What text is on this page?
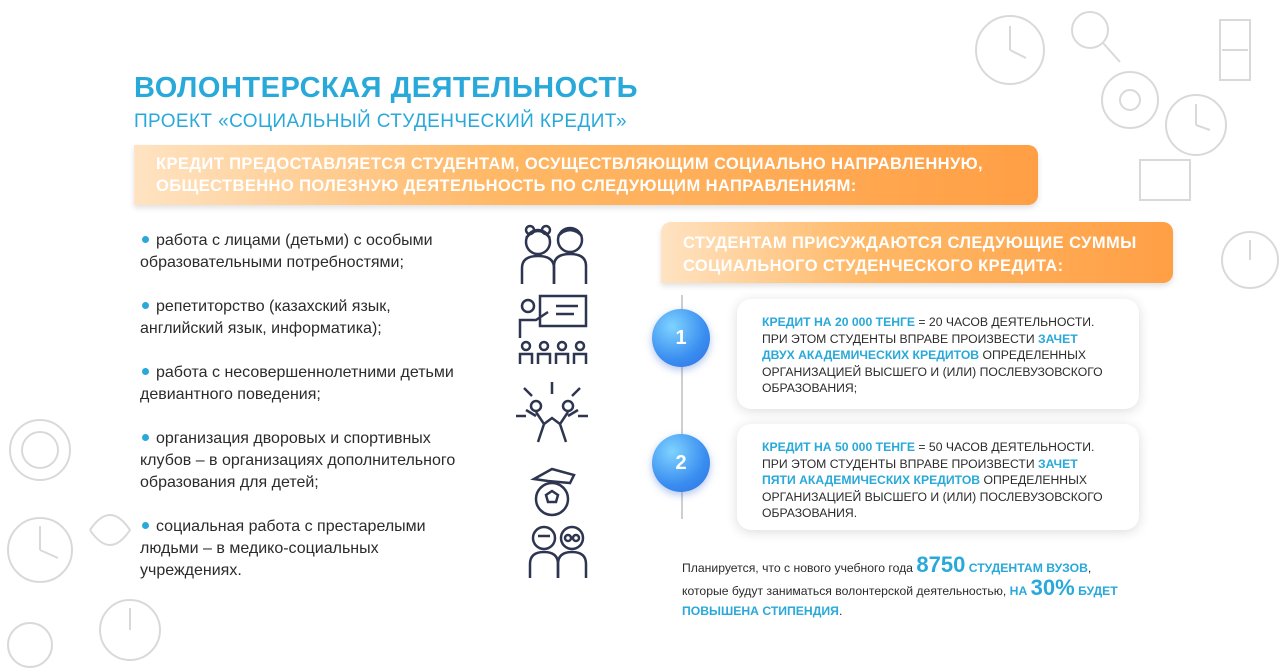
ВОЛОНТЕРСКАЯ ДЕЯТЕЛЬНОСТЬ
ПРОЕКТ «СОЦИАЛЬНЫЙ СТУДЕНЧЕСКИЙ КРЕДИТ»
КРЕДИТ ПРЕДОСТАВЛЯЕТСЯ СТУДЕНТАМ, ОСУЩЕСТВЛЯЮЩИМ СОЦИАЛЬНО НАПРАВЛЕННУЮ,
ОБЩЕСТВЕННО ПОЛЕЗНУЮ ДЕЯТЕЛЬНОСТЬ ПО СЛЕДУЮЩИМ НАПРАВЛЕНИЯМ:
работа с лицами (детьми) с особыми
образовательными потребностями;
репетиторство (казахский язык,
английский язык, информатика);
работа с несовершеннолетними детьми
девиантного поведения;
организация дворовых и спортивных
клубов – в организациях дополнительного
образования для детей;
социальная работа с престарелыми
людьми – в медико-социальных
учреждениях.
СТУДЕНТАМ ПРИСУЖДАЮТСЯ СЛЕДУЮЩИЕ СУММЫ
СОЦИАЛЬНОГО СТУДЕНЧЕСКОГО КРЕДИТА:
1
КРЕДИТ НА 20 000 ТЕНГЕ = 20 ЧАСОВ ДЕЯТЕЛЬНОСТИ.
ПРИ ЭТОМ СТУДЕНТЫ ВПРАВЕ ПРОИЗВЕСТИ ЗАЧЕТ
ДВУХ АКАДЕМИЧЕСКИХ КРЕДИТОВ ОПРЕДЕЛЕННЫХ
ОРГАНИЗАЦИЕЙ ВЫСШЕГО И (ИЛИ) ПОСЛЕВУЗОВСКОГО
ОБРАЗОВАНИЯ;
2
КРЕДИТ НА 50 000 ТЕНГЕ = 50 ЧАСОВ ДЕЯТЕЛЬНОСТИ.
ПРИ ЭТОМ СТУДЕНТЫ ВПРАВЕ ПРОИЗВЕСТИ ЗАЧЕТ
ПЯТИ АКАДЕМИЧЕСКИХ КРЕДИТОВ ОПРЕДЕЛЕННЫХ
ОРГАНИЗАЦИЕЙ ВЫСШЕГО И (ИЛИ) ПОСЛЕВУЗОВСКОГО
ОБРАЗОВАНИЯ.
Планируется, что с нового учебного года 8750 СТУДЕНТАМ ВУЗОВ,
которые будут заниматься волонтерской деятельностью, НА 30% БУДЕТ
ПОВЫШЕНА СТИПЕНДИЯ.
